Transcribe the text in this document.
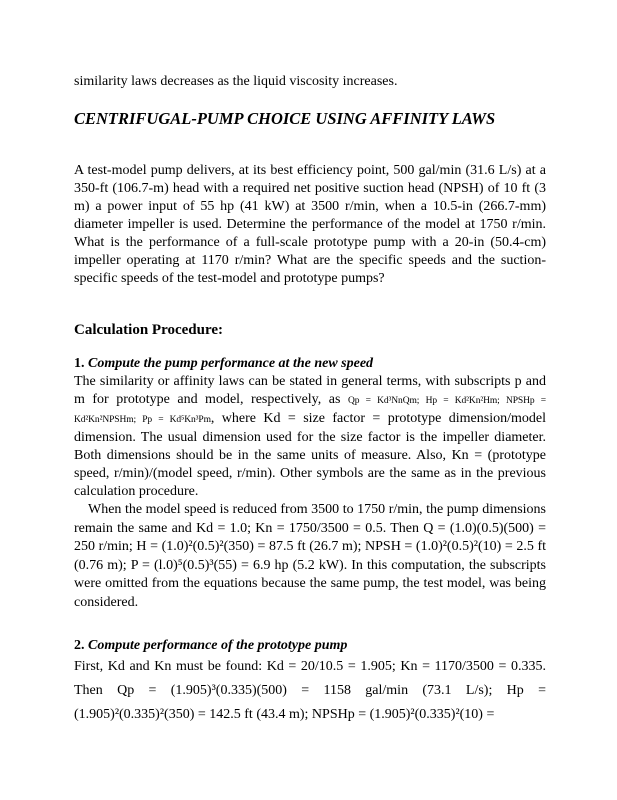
similarity laws decreases as the liquid viscosity increases.

CENTRIFUGAL-PUMP CHOICE USING AFFINITY LAWS

A test-model pump delivers, at its best efficiency point, 500 gal/min (31.6 L/s) at a 350-ft (106.7-m) head with a required net positive suction head (NPSH) of 10 ft (3 m) a power input of 55 hp (41 kW) at 3500 r/min, when a 10.5-in (266.7-mm) diameter impeller is used. Determine the performance of the model at 1750 r/min. What is the performance of a full-scale prototype pump with a 20-in (50.4-cm) impeller operating at 1170 r/min? What are the specific speeds and the suction-specific speeds of the test-model and prototype pumps?

Calculation Procedure:

1. Compute the pump performance at the new speed

The similarity or affinity laws can be stated in general terms, with subscripts p and m for prototype and model, respectively, as Qp = Kd³NnQm; Hp = Kd²Kn²Hm; NPSHp = Kd²Kn²NPSHm; Pp = Kd⁵Kn³Pm, where Kd = size factor = prototype dimension/model dimension. The usual dimension used for the size factor is the impeller diameter. Both dimensions should be in the same units of measure. Also, Kn = (prototype speed, r/min)/(model speed, r/min). Other symbols are the same as in the previous calculation procedure.

When the model speed is reduced from 3500 to 1750 r/min, the pump dimensions remain the same and Kd = 1.0; Kn = 1750/3500 = 0.5. Then Q = (1.0)(0.5)(500) = 250 r/min; H = (1.0)²(0.5)²(350) = 87.5 ft (26.7 m); NPSH = (1.0)²(0.5)²(10) = 2.5 ft (0.76 m); P = (l.0)⁵(0.5)³(55) = 6.9 hp (5.2 kW). In this computation, the subscripts were omitted from the equations because the same pump, the test model, was being considered.

2. Compute performance of the prototype pump

First, Kd and Kn must be found: Kd = 20/10.5 = 1.905; Kn = 1170/3500 = 0.335. Then Qp = (1.905)³(0.335)(500) = 1158 gal/min (73.1 L/s); Hp = (1.905)²(0.335)²(350) = 142.5 ft (43.4 m); NPSHp = (1.905)²(0.335)²(10) =
